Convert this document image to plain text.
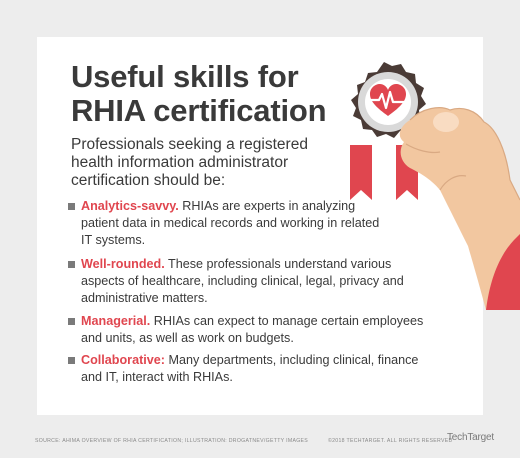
Useful skills for
RHIA certification
Professionals seeking a registered
health information administrator
certification should be:
Analytics-savvy. RHIAs are experts in analyzing
patient data in medical records and working in related
IT systems.
Well-rounded. These professionals understand various
aspects of healthcare, including clinical, legal, privacy and
administrative matters.
Managerial. RHIAs can expect to manage certain employees
and units, as well as work on budgets.
Collaborative: Many departments, including clinical, finance
and IT, interact with RHIAs.
SOURCE: AHIMA OVERVIEW OF RHIA CERTIFICATION; ILLUSTRATION: DROGATNEV/GETTY IMAGES	©2018 TECHTARGET. ALL RIGHTS RESERVED
TechTarget
